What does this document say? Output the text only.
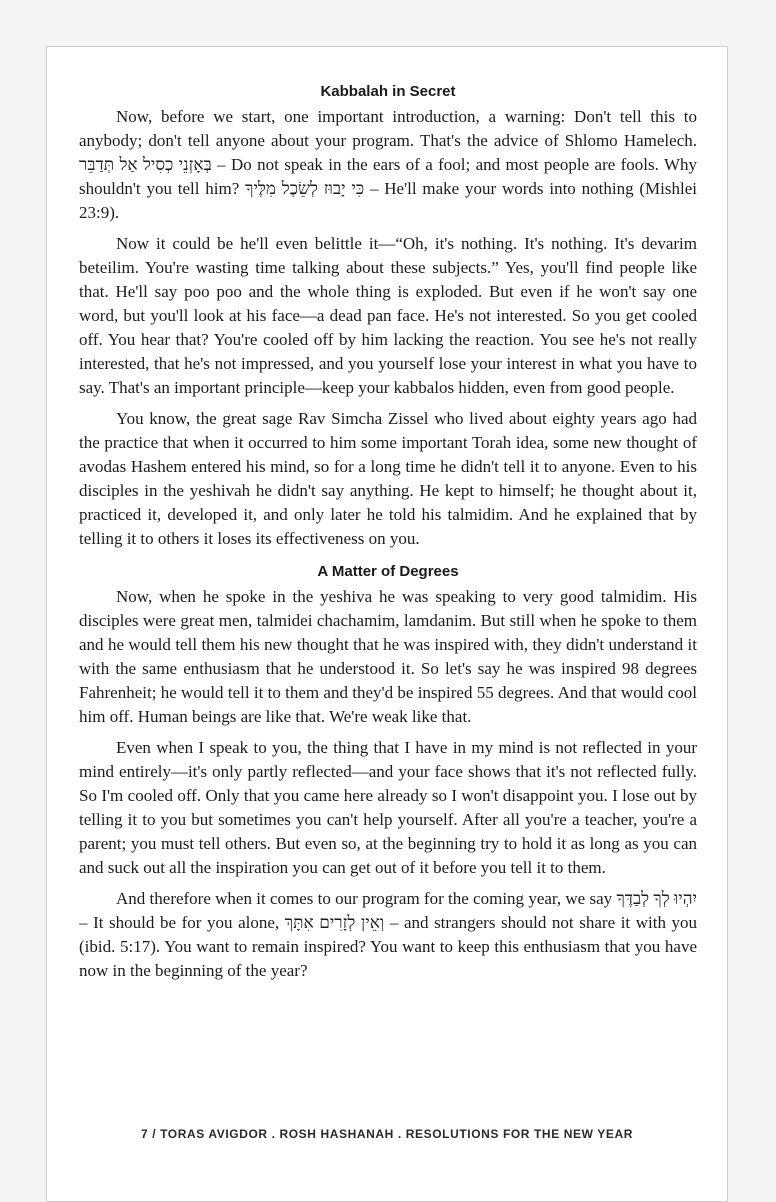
Kabbalah in Secret

Now, before we start, one important introduction, a warning: Don't tell this to anybody; don't tell anyone about your program. That's the advice of Shlomo Hamelech. בְּאָזְנֵי כְסִיל אַל תְּדַבֵּר – Do not speak in the ears of a fool; and most people are fools. Why shouldn't you tell him? כִּי יָבוּז לְשֵׂכֶל מִלֶּיךָ – He'll make your words into nothing (Mishlei 23:9).

Now it could be he'll even belittle it—“Oh, it's nothing. It's nothing. It's devarim beteilim. You're wasting time talking about these subjects.” Yes, you'll find people like that. He'll say poo poo and the whole thing is exploded. But even if he won't say one word, but you'll look at his face—a dead pan face. He's not interested. So you get cooled off. You hear that? You're cooled off by him lacking the reaction. You see he's not really interested, that he's not impressed, and you yourself lose your interest in what you have to say. That's an important principle—keep your kabbalos hidden, even from good people.

You know, the great sage Rav Simcha Zissel who lived about eighty years ago had the practice that when it occurred to him some important Torah idea, some new thought of avodas Hashem entered his mind, so for a long time he didn't tell it to anyone. Even to his disciples in the yeshivah he didn't say anything. He kept to himself; he thought about it, practiced it, developed it, and only later he told his talmidim. And he explained that by telling it to others it loses its effectiveness on you.

A Matter of Degrees

Now, when he spoke in the yeshiva he was speaking to very good talmidim. His disciples were great men, talmidei chachamim, lamdanim. But still when he spoke to them and he would tell them his new thought that he was inspired with, they didn't understand it with the same enthusiasm that he understood it. So let's say he was inspired 98 degrees Fahrenheit; he would tell it to them and they'd be inspired 55 degrees. And that would cool him off. Human beings are like that. We're weak like that.

Even when I speak to you, the thing that I have in my mind is not reflected in your mind entirely—it's only partly reflected—and your face shows that it's not reflected fully. So I'm cooled off. Only that you came here already so I won't disappoint you. I lose out by telling it to you but sometimes you can't help yourself. After all you're a teacher, you're a parent; you must tell others. But even so, at the beginning try to hold it as long as you can and suck out all the inspiration you can get out of it before you tell it to them.

And therefore when it comes to our program for the coming year, we say יִהְיוּ לְךָ לְבַדֶּךָ – It should be for you alone, וְאֵין לְזָרִים אִתָּךְ – and strangers should not share it with you (ibid. 5:17). You want to remain inspired? You want to keep this enthusiasm that you have now in the beginning of the year?

7 / TORAS AVIGDOR . ROSH HASHANAH . RESOLUTIONS FOR THE NEW YEAR
